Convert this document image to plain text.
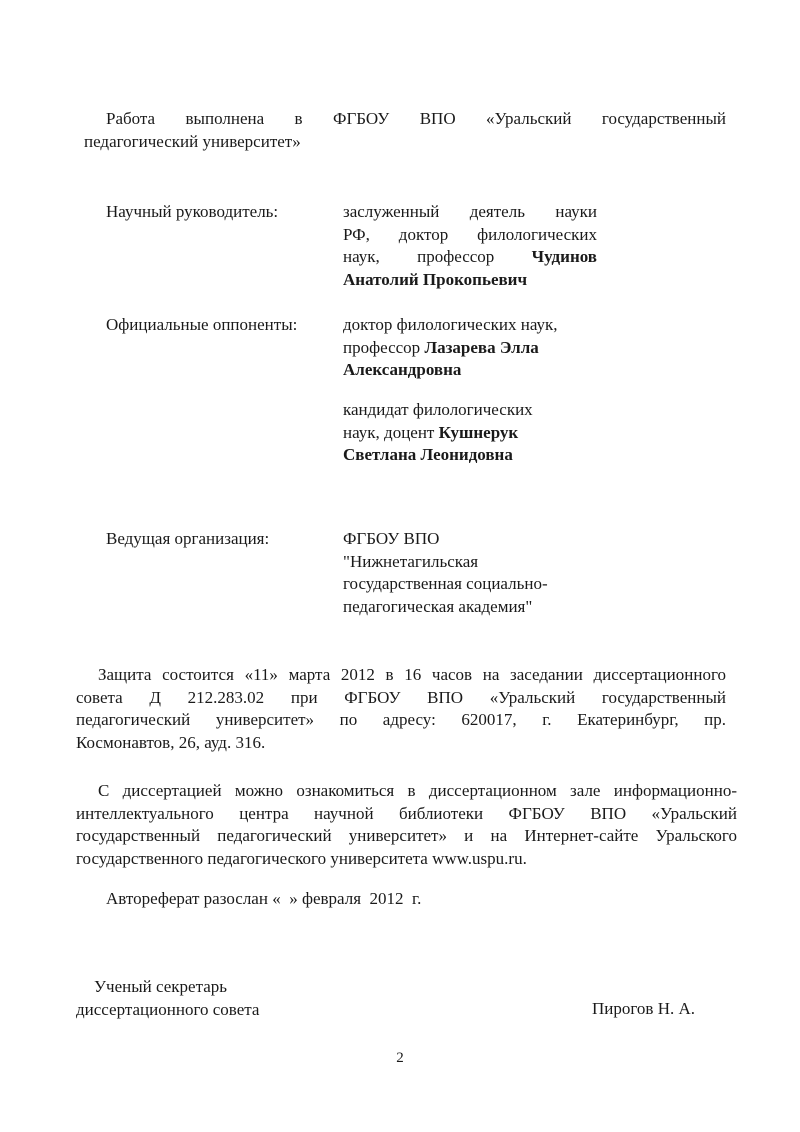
Работа выполнена в ФГБОУ ВПО «Уральский государственный
педагогический университет»
Научный руководитель:	заслуженный деятель науки
РФ, доктор филологических
наук, профессор Чудинов
Анатолий Прокопьевич
Официальные оппоненты:	доктор филологических наук,
профессор Лазарева Элла
Александровна
кандидат филологических
наук, доцент Кушнерук
Светлана Леонидовна
Ведущая организация:	ФГБОУ ВПО
"Нижнетагильская
государственная социально-
педагогическая академия"
Защита состоится «11» марта 2012 в 16 часов на заседании диссертационного
совета Д 212.283.02 при ФГБОУ ВПО «Уральский государственный
педагогический университет» по адресу: 620017, г. Екатеринбург, пр.
Космонавтов, 26, ауд. 316.
С диссертацией можно ознакомиться в диссертационном зале информационно-
интеллектуального центра научной библиотеки ФГБОУ ВПО «Уральский
государственный педагогический университет» и на Интернет-сайте Уральского
государственного педагогического университета www.uspu.ru.
Автореферат разослан «  » февраля  2012  г.
Ученый секретарь
диссертационного совета	Пирогов Н. А.
2
